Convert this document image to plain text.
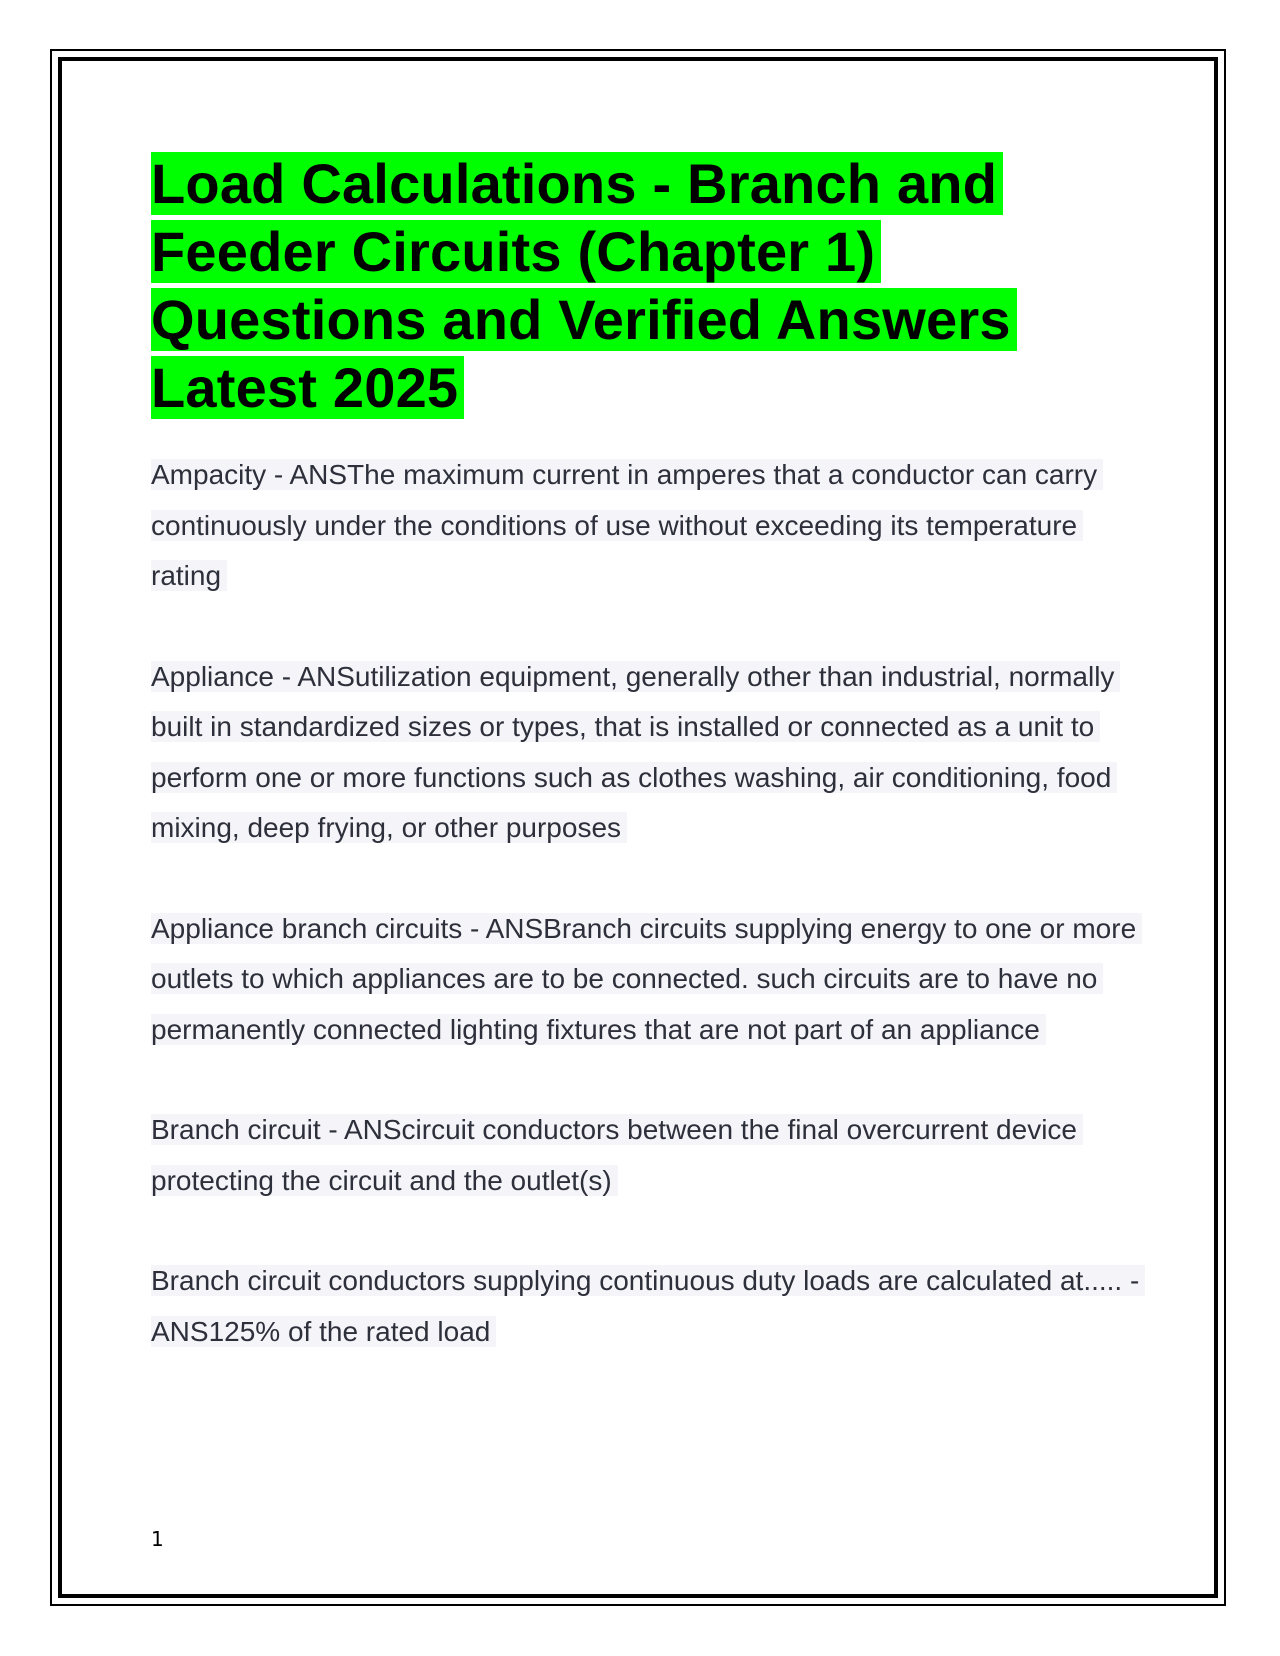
Load Calculations - Branch and Feeder Circuits (Chapter 1) Questions and Verified Answers Latest 2025

Ampacity - ANSThe maximum current in amperes that a conductor can carry continuously under the conditions of use without exceeding its temperature rating

Appliance - ANSutilization equipment, generally other than industrial, normally built in standardized sizes or types, that is installed or connected as a unit to perform one or more functions such as clothes washing, air conditioning, food mixing, deep frying, or other purposes

Appliance branch circuits - ANSBranch circuits supplying energy to one or more outlets to which appliances are to be connected. such circuits are to have no permanently connected lighting fixtures that are not part of an appliance

Branch circuit - ANScircuit conductors between the final overcurrent device protecting the circuit and the outlet(s)

Branch circuit conductors supplying continuous duty loads are calculated at..... - ANS125% of the rated load

1
